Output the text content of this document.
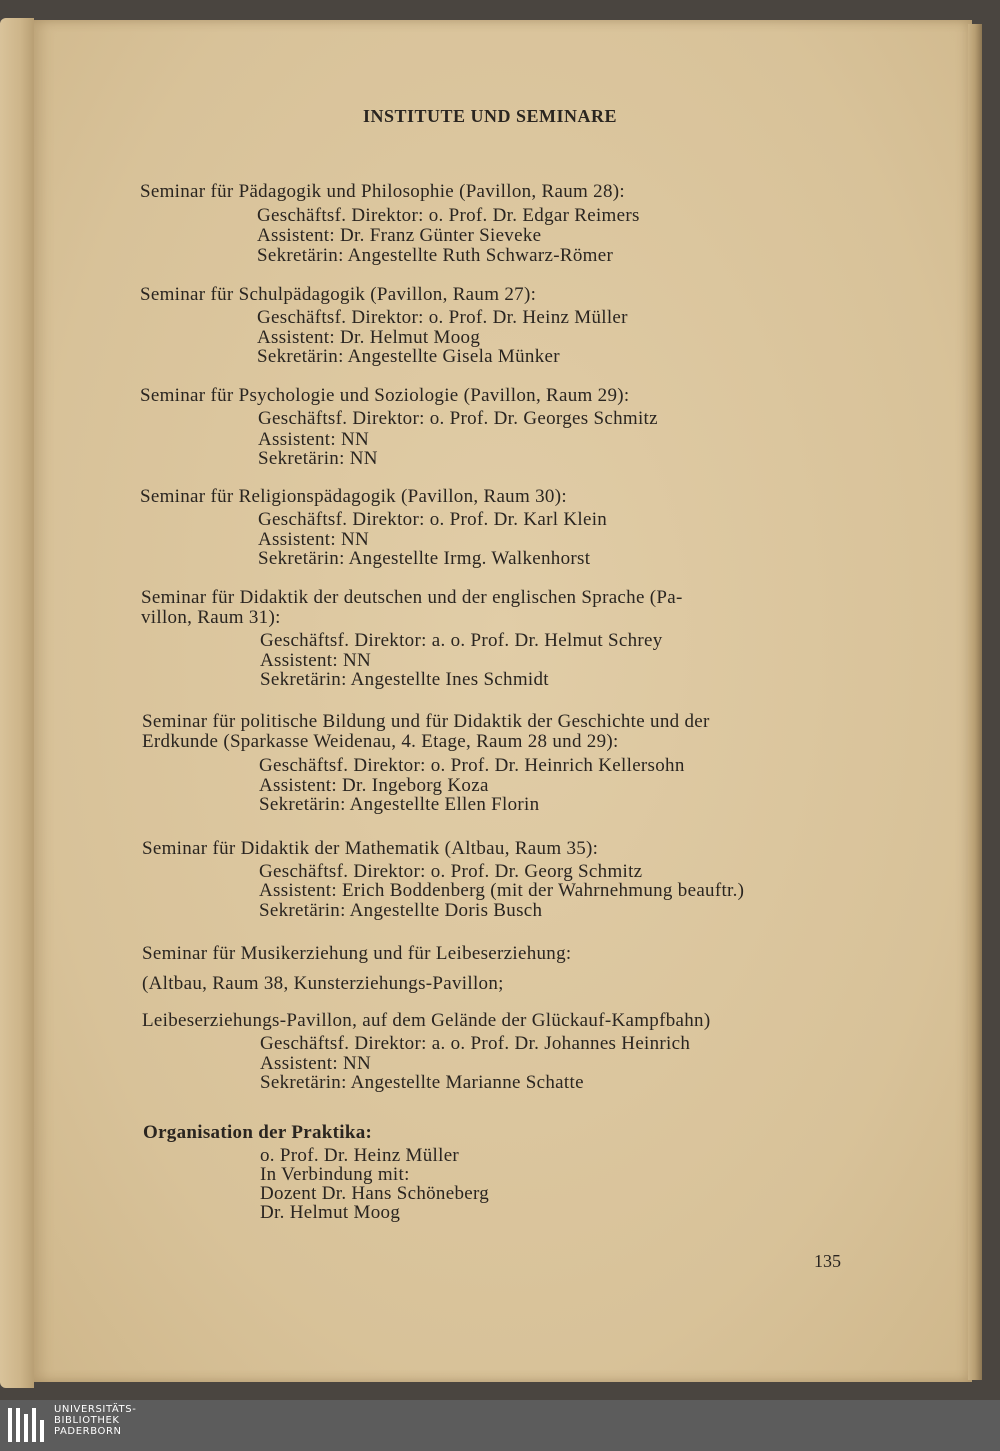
INSTITUTE UND SEMINARE
Seminar für Pädagogik und Philosophie (Pavillon, Raum 28):
Geschäftsf. Direktor: o. Prof. Dr. Edgar Reimers
Assistent: Dr. Franz Günter Sieveke
Sekretärin: Angestellte Ruth Schwarz-Römer
Seminar für Schulpädagogik (Pavillon, Raum 27):
Geschäftsf. Direktor: o. Prof. Dr. Heinz Müller
Assistent: Dr. Helmut Moog
Sekretärin: Angestellte Gisela Münker
Seminar für Psychologie und Soziologie (Pavillon, Raum 29):
Geschäftsf. Direktor: o. Prof. Dr. Georges Schmitz
Assistent: NN
Sekretärin: NN
Seminar für Religionspädagogik (Pavillon, Raum 30):
Geschäftsf. Direktor: o. Prof. Dr. Karl Klein
Assistent: NN
Sekretärin: Angestellte Irmg. Walkenhorst
Seminar für Didaktik der deutschen und der englischen Sprache (Pa-
villon, Raum 31):
Geschäftsf. Direktor: a. o. Prof. Dr. Helmut Schrey
Assistent: NN
Sekretärin: Angestellte Ines Schmidt
Seminar für politische Bildung und für Didaktik der Geschichte und der
Erdkunde (Sparkasse Weidenau, 4. Etage, Raum 28 und 29):
Geschäftsf. Direktor: o. Prof. Dr. Heinrich Kellersohn
Assistent: Dr. Ingeborg Koza
Sekretärin: Angestellte Ellen Florin
Seminar für Didaktik der Mathematik (Altbau, Raum 35):
Geschäftsf. Direktor: o. Prof. Dr. Georg Schmitz
Assistent: Erich Boddenberg (mit der Wahrnehmung beauftr.)
Sekretärin: Angestellte Doris Busch
Seminar für Musikerziehung und für Leibeserziehung:
(Altbau, Raum 38, Kunsterziehungs-Pavillon;
Leibeserziehungs-Pavillon, auf dem Gelände der Glückauf-Kampfbahn)
Geschäftsf. Direktor: a. o. Prof. Dr. Johannes Heinrich
Assistent: NN
Sekretärin: Angestellte Marianne Schatte
Organisation der Praktika:
o. Prof. Dr. Heinz Müller
In Verbindung mit:
Dozent Dr. Hans Schöneberg
Dr. Helmut Moog
135
UNIVERSITÄTS-
BIBLIOTHEK
PADERBORN
